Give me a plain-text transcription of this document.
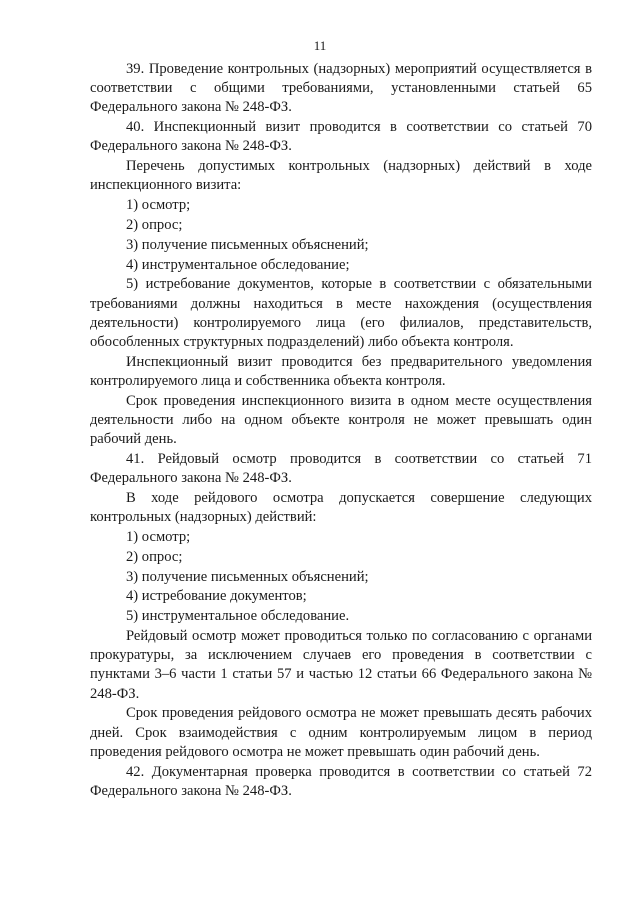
11

39. Проведение контрольных (надзорных) мероприятий осуществляется в соответствии с общими требованиями, установленными статьей 65 Федерального закона № 248-ФЗ.

40. Инспекционный визит проводится в соответствии со статьей 70 Федерального закона № 248-ФЗ.

Перечень допустимых контрольных (надзорных) действий в ходе инспекционного визита:

1) осмотр;

2) опрос;

3) получение письменных объяснений;

4) инструментальное обследование;

5) истребование документов, которые в соответствии с обязательными требованиями должны находиться в месте нахождения (осуществления деятельности) контролируемого лица (его филиалов, представительств, обособленных структурных подразделений) либо объекта контроля.

Инспекционный визит проводится без предварительного уведомления контролируемого лица и собственника объекта контроля.

Срок проведения инспекционного визита в одном месте осуществления деятельности либо на одном объекте контроля не может превышать один рабочий день.

41. Рейдовый осмотр проводится в соответствии со статьей 71 Федерального закона № 248-ФЗ.

В ходе рейдового осмотра допускается совершение следующих контрольных (надзорных) действий:

1) осмотр;

2) опрос;

3) получение письменных объяснений;

4) истребование документов;

5) инструментальное обследование.

Рейдовый осмотр может проводиться только по согласованию с органами прокуратуры, за исключением случаев его проведения в соответствии с пунктами 3–6 части 1 статьи 57 и частью 12 статьи 66 Федерального закона № 248-ФЗ.

Срок проведения рейдового осмотра не может превышать десять рабочих дней. Срок взаимодействия с одним контролируемым лицом в период проведения рейдового осмотра не может превышать один рабочий день.

42. Документарная проверка проводится в соответствии со статьей 72 Федерального закона № 248-ФЗ.
